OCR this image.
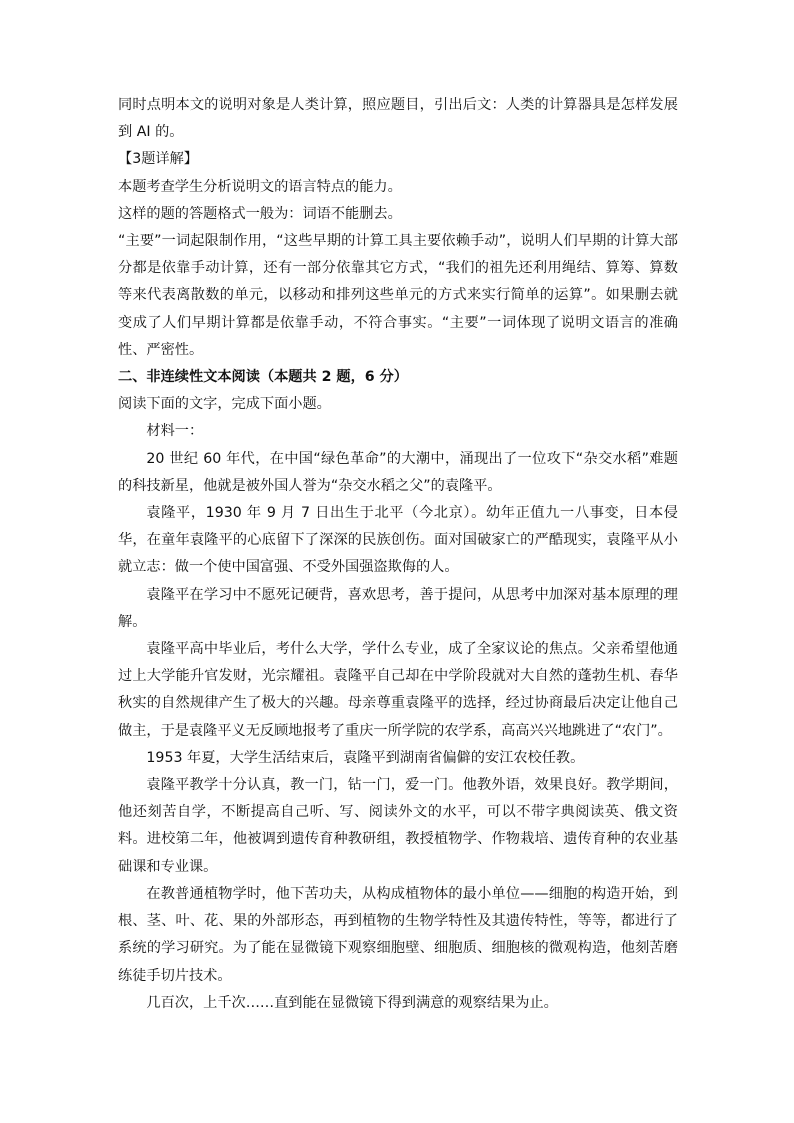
同时点明本文的说明对象是人类计算，照应题目，引出后文：人类的计算器具是怎样发展到 AI 的。

【3题详解】

本题考查学生分析说明文的语言特点的能力。

这样的题的答题格式一般为：词语不能删去。

“主要”一词起限制作用，“这些早期的计算工具主要依赖手动”，说明人们早期的计算大部分都是依靠手动计算，还有一部分依靠其它方式，“我们的祖先还利用绳结、算筹、算数等来代表离散数的单元，以移动和排列这些单元的方式来实行简单的运算”。如果删去就变成了人们早期计算都是依靠手动，不符合事实。“主要”一词体现了说明文语言的准确性、严密性。

二、非连续性文本阅读（本题共 2 题，6 分）

阅读下面的文字，完成下面小题。

材料一：

20 世纪 60 年代，在中国“绿色革命”的大潮中，涌现出了一位攻下“杂交水稻”难题的科技新星，他就是被外国人誉为“杂交水稻之父”的袁隆平。

袁隆平，1930 年 9 月 7 日出生于北平（今北京）。幼年正值九一八事变，日本侵华，在童年袁隆平的心底留下了深深的民族创伤。面对国破家亡的严酷现实，袁隆平从小就立志：做一个使中国富强、不受外国强盗欺侮的人。

袁隆平在学习中不愿死记硬背，喜欢思考，善于提问，从思考中加深对基本原理的理解。

袁隆平高中毕业后，考什么大学，学什么专业，成了全家议论的焦点。父亲希望他通过上大学能升官发财，光宗耀祖。袁隆平自己却在中学阶段就对大自然的蓬勃生机、春华秋实的自然规律产生了极大的兴趣。母亲尊重袁隆平的选择，经过协商最后决定让他自己做主，于是袁隆平义无反顾地报考了重庆一所学院的农学系，高高兴兴地跳进了“农门”。

1953 年夏，大学生活结束后，袁隆平到湖南省偏僻的安江农校任教。

袁隆平教学十分认真，教一门，钻一门，爱一门。他教外语，效果良好。教学期间，他还刻苦自学，不断提高自己听、写、阅读外文的水平，可以不带字典阅读英、俄文资料。进校第二年，他被调到遗传育种教研组，教授植物学、作物栽培、遗传育种的农业基础课和专业课。

在教普通植物学时，他下苦功夫，从构成植物体的最小单位——细胞的构造开始，到根、茎、叶、花、果的外部形态，再到植物的生物学特性及其遗传特性，等等，都进行了系统的学习研究。为了能在显微镜下观察细胞壁、细胞质、细胞核的微观构造，他刻苦磨练徒手切片技术。

几百次，上千次……直到能在显微镜下得到满意的观察结果为止。
